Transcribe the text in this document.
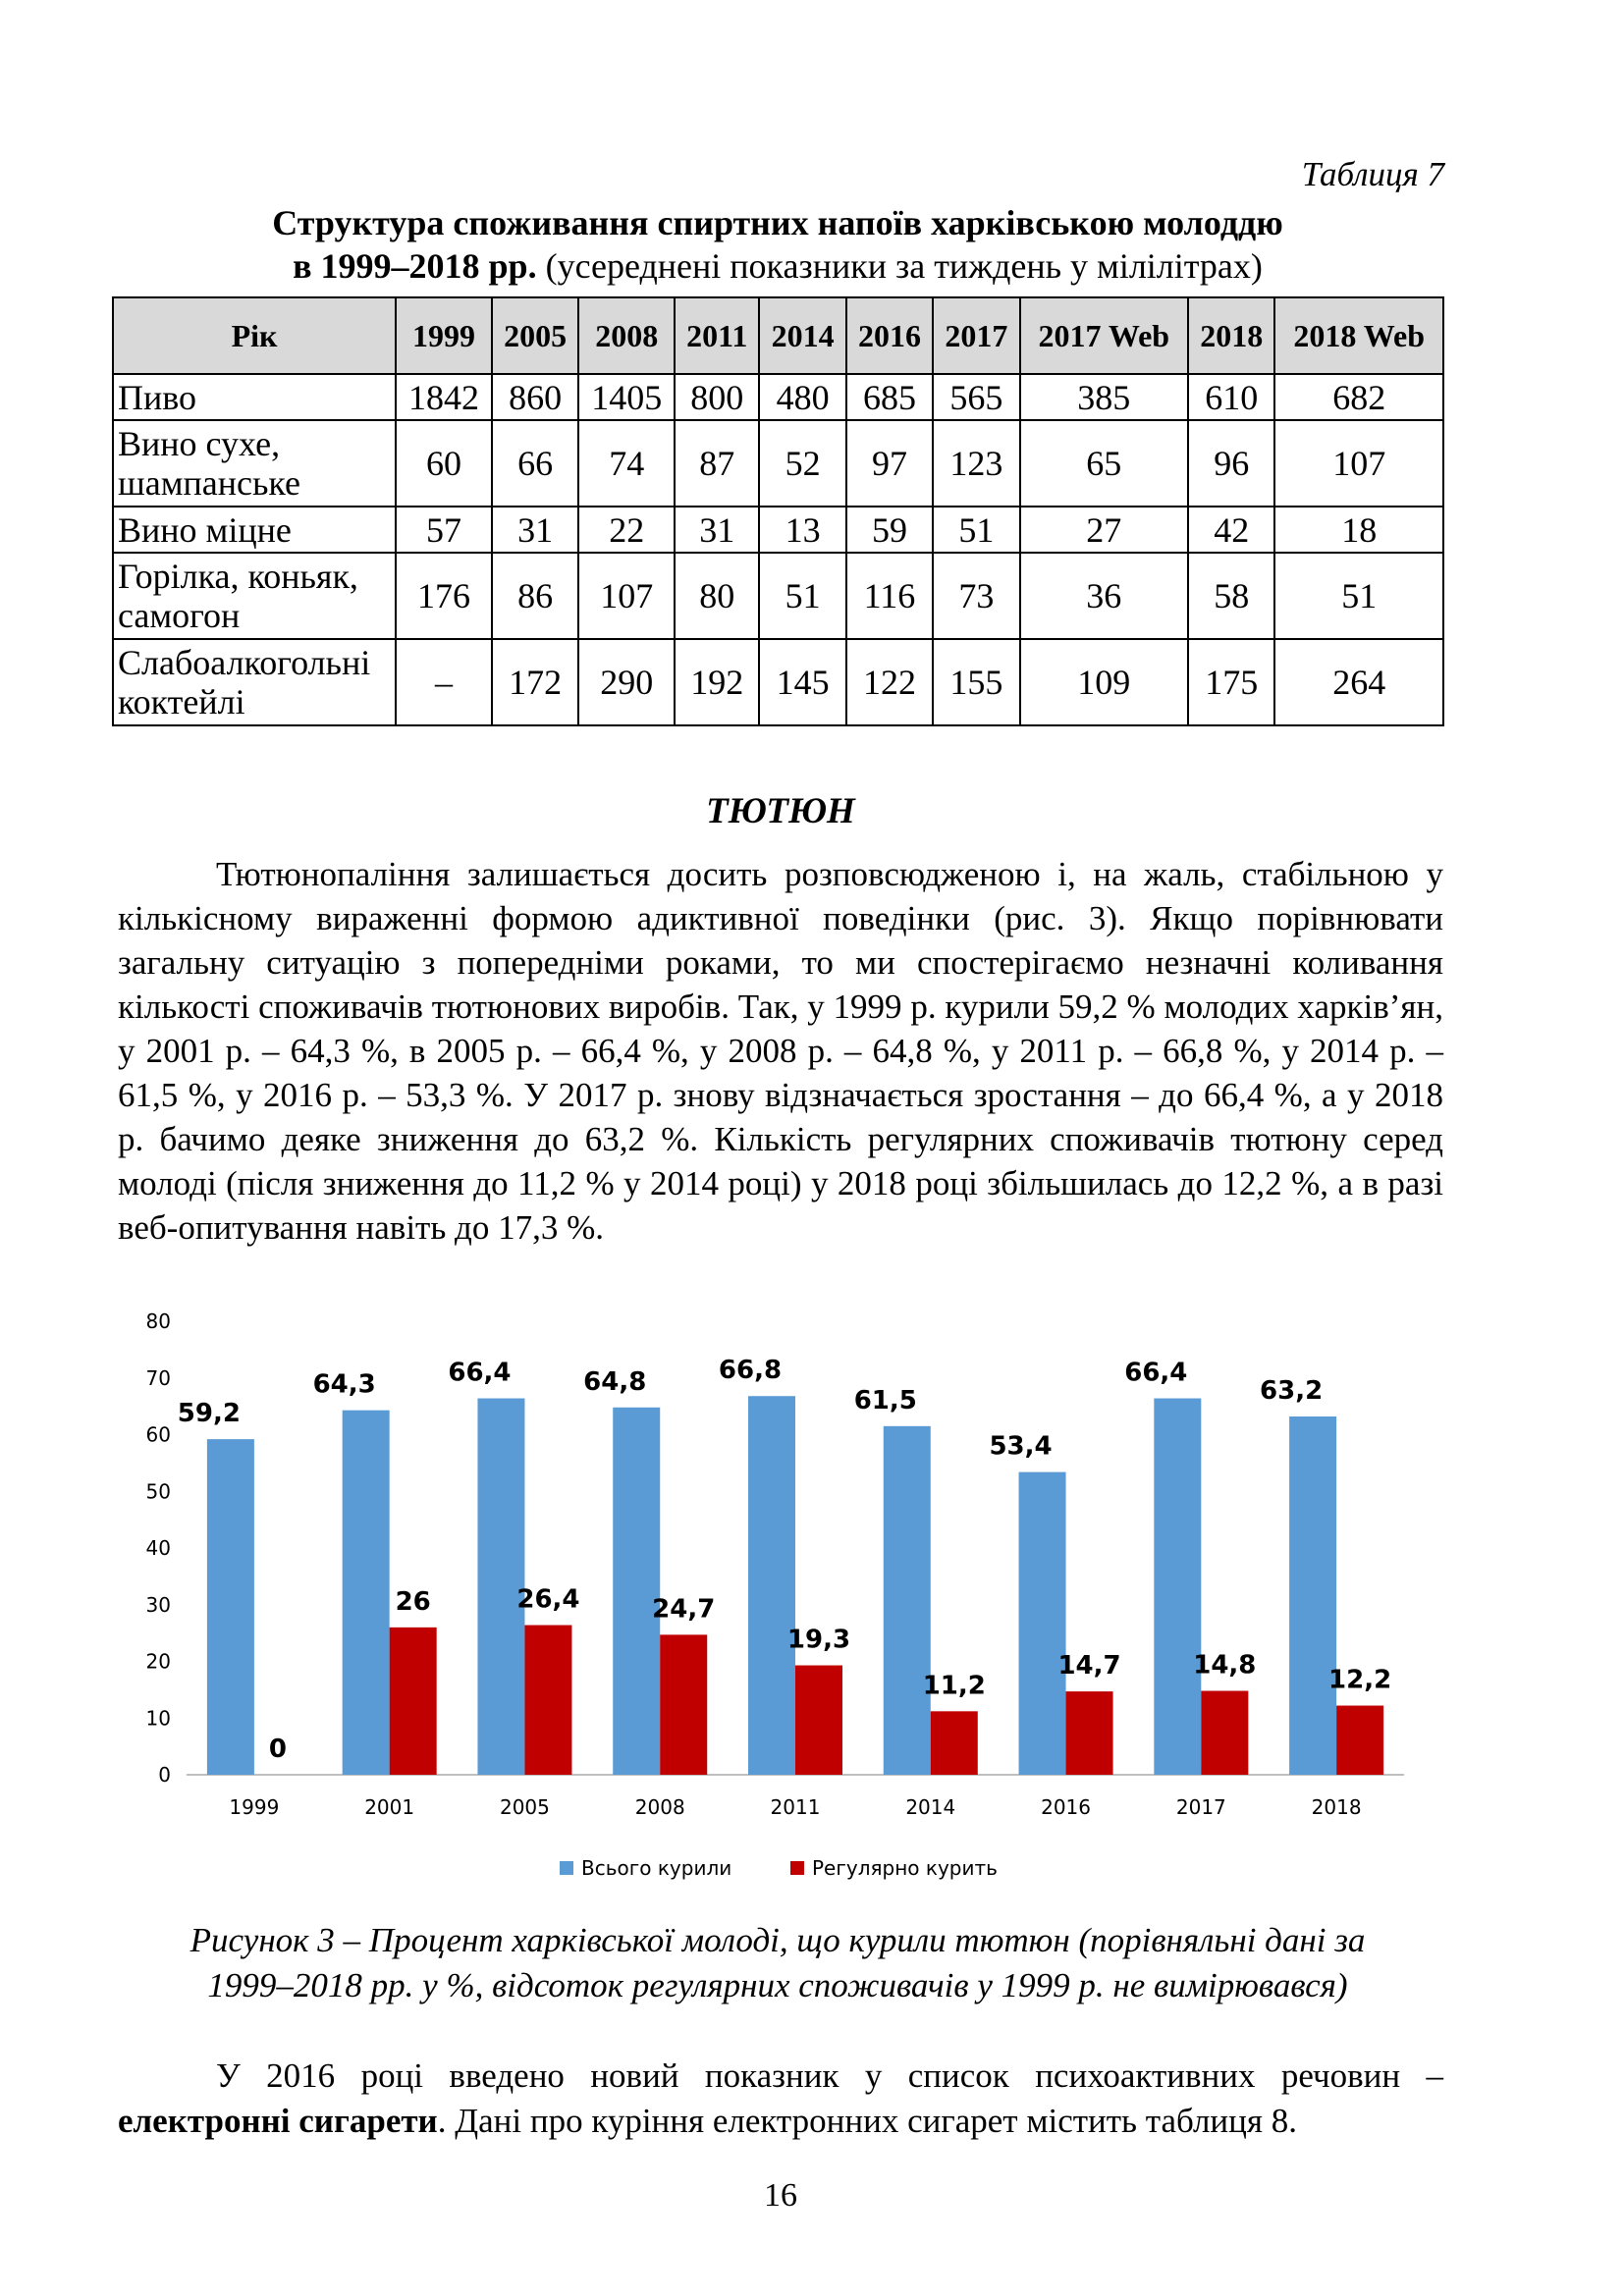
Таблиця 7
Структура споживання спиртних напоїв харківською молоддю
в 1999–2018 рр. (усереднені показники за тиждень у мілілітрах)
Рік	1999	2005	2008	2011	2014	2016	2017	2017 Web	2018	2018 Web
Пиво	1842	860	1405	800	480	685	565	385	610	682
Вино сухе, шампанське	60	66	74	87	52	97	123	65	96	107
Вино міцне	57	31	22	31	13	59	51	27	42	18
Горілка, коньяк, самогон	176	86	107	80	51	116	73	36	58	51
Слабоалкогольні коктейлі	–	172	290	192	145	122	155	109	175	264
ТЮТЮН
Тютюнопаління залишається досить розповсюдженою і, на жаль, стабільною у кількісному вираженні формою адиктивної поведінки (рис. 3). Якщо порівнювати загальну ситуацію з попередніми роками, то ми спостерігаємо незначні коливання кількості споживачів тютюнових виробів. Так, у 1999 р. курили 59,2 % молодих харків’ян, у 2001 р. – 64,3 %, в 2005 р. – 66,4 %, у 2008 р. – 64,8 %, у 2011 р. – 66,8 %, у 2014 р. – 61,5 %, у 2016 р. – 53,3 %. У 2017 р. знову відзначається зростання – до 66,4 %, а у 2018 р. бачимо деяке зниження до 63,2 %. Кількість регулярних споживачів тютюну серед молоді (після зниження до 11,2 % у 2014 році) у 2018 році збільшилась до 12,2 %, а в разі веб-опитування навіть до 17,3 %.
0
10
20
30
40
50
60
70
80
59,2
0
1999
64,3
26
2001
66,4
26,4
2005
64,8
24,7
2008
66,8
19,3
2011
61,5
11,2
2014
53,4
14,7
2016
66,4
14,8
2017
63,2
12,2
2018
Всього курили	Регулярно курить
Рисунок 3 – Процент харківської молоді, що курили тютюн (порівняльні дані за
1999–2018 рр. у %, відсоток регулярних споживачів у 1999 р. не вимірювався)
У 2016 році введено новий показник у список психоактивних речовин – електронні сигарети. Дані про куріння електронних сигарет містить таблиця 8.
16
